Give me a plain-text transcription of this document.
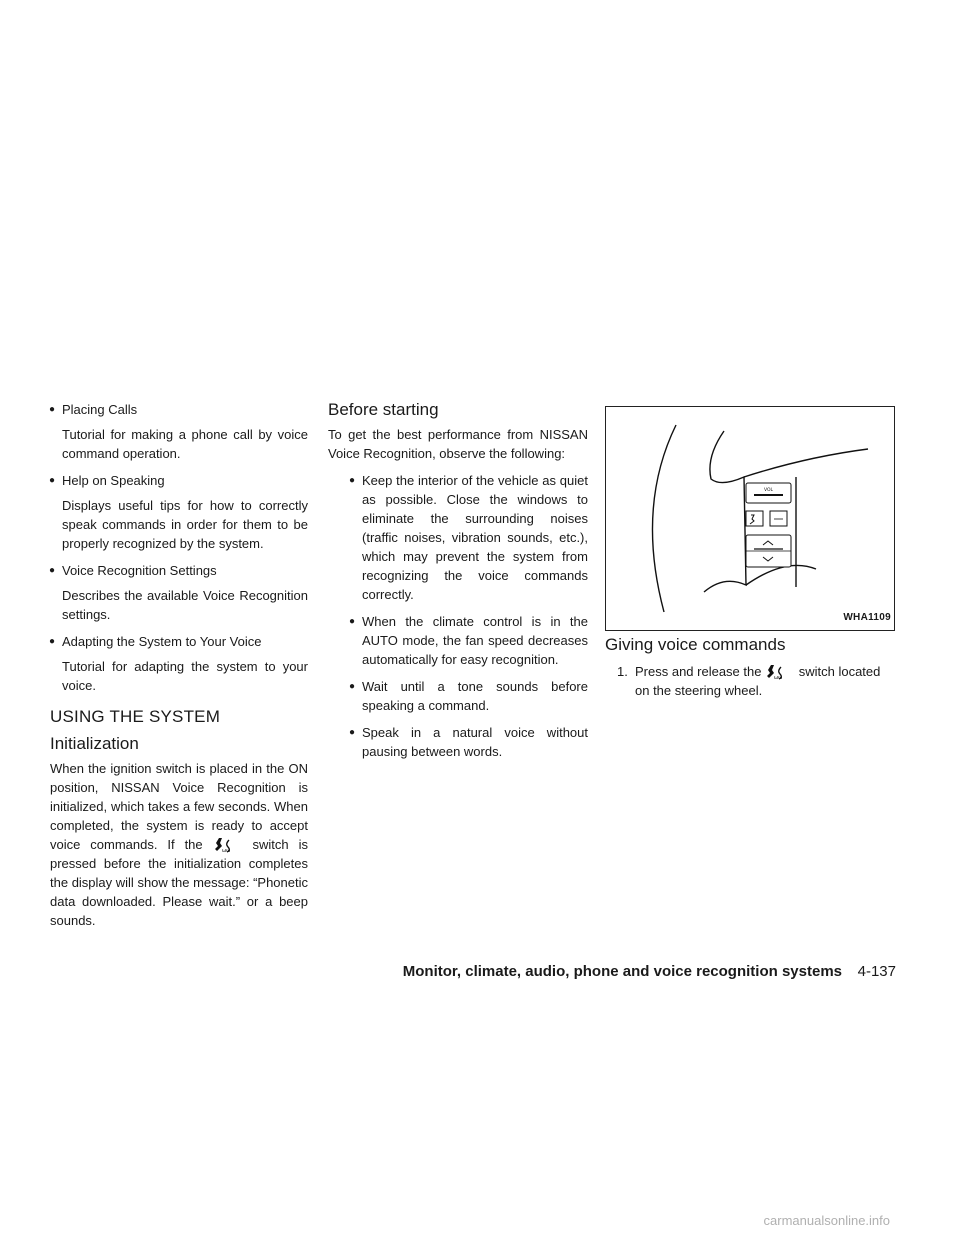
● Placing Calls

Tutorial for making a phone call by voice command operation.

● Help on Speaking

Displays useful tips for how to correctly speak commands in order for them to be properly recognized by the system.

● Voice Recognition Settings

Describes the available Voice Recognition settings.

● Adapting the System to Your Voice

Tutorial for adapting the system to your voice.

USING THE SYSTEM
Initialization

When the ignition switch is placed in the ON position, NISSAN Voice Recognition is initialized, which takes a few seconds. When completed, the system is ready to accept voice commands. If the	ωω switch is pressed before the initialization completes the display will show the message: “Phonetic data downloaded. Please wait.” or a beep sounds.

Before starting

To get the best performance from NISSAN Voice Recognition, observe the following:

● Keep the interior of the vehicle as quiet as possible. Close the windows to eliminate the surrounding noises (traffic noises, vibration sounds, etc.), which may prevent the system from recognizing the voice commands correctly.

● When the climate control is in the AUTO mode, the fan speed decreases automatically for easy recognition.

● Wait until a tone sounds before speaking a command.

● Speak in a natural voice without pausing between words.

VOL
WHA1109
Giving voice commands
1. Press and release the	ωω switch located on the steering wheel.
Monitor, climate, audio, phone and voice recognition systems 4-137
carmanualsonline.info
